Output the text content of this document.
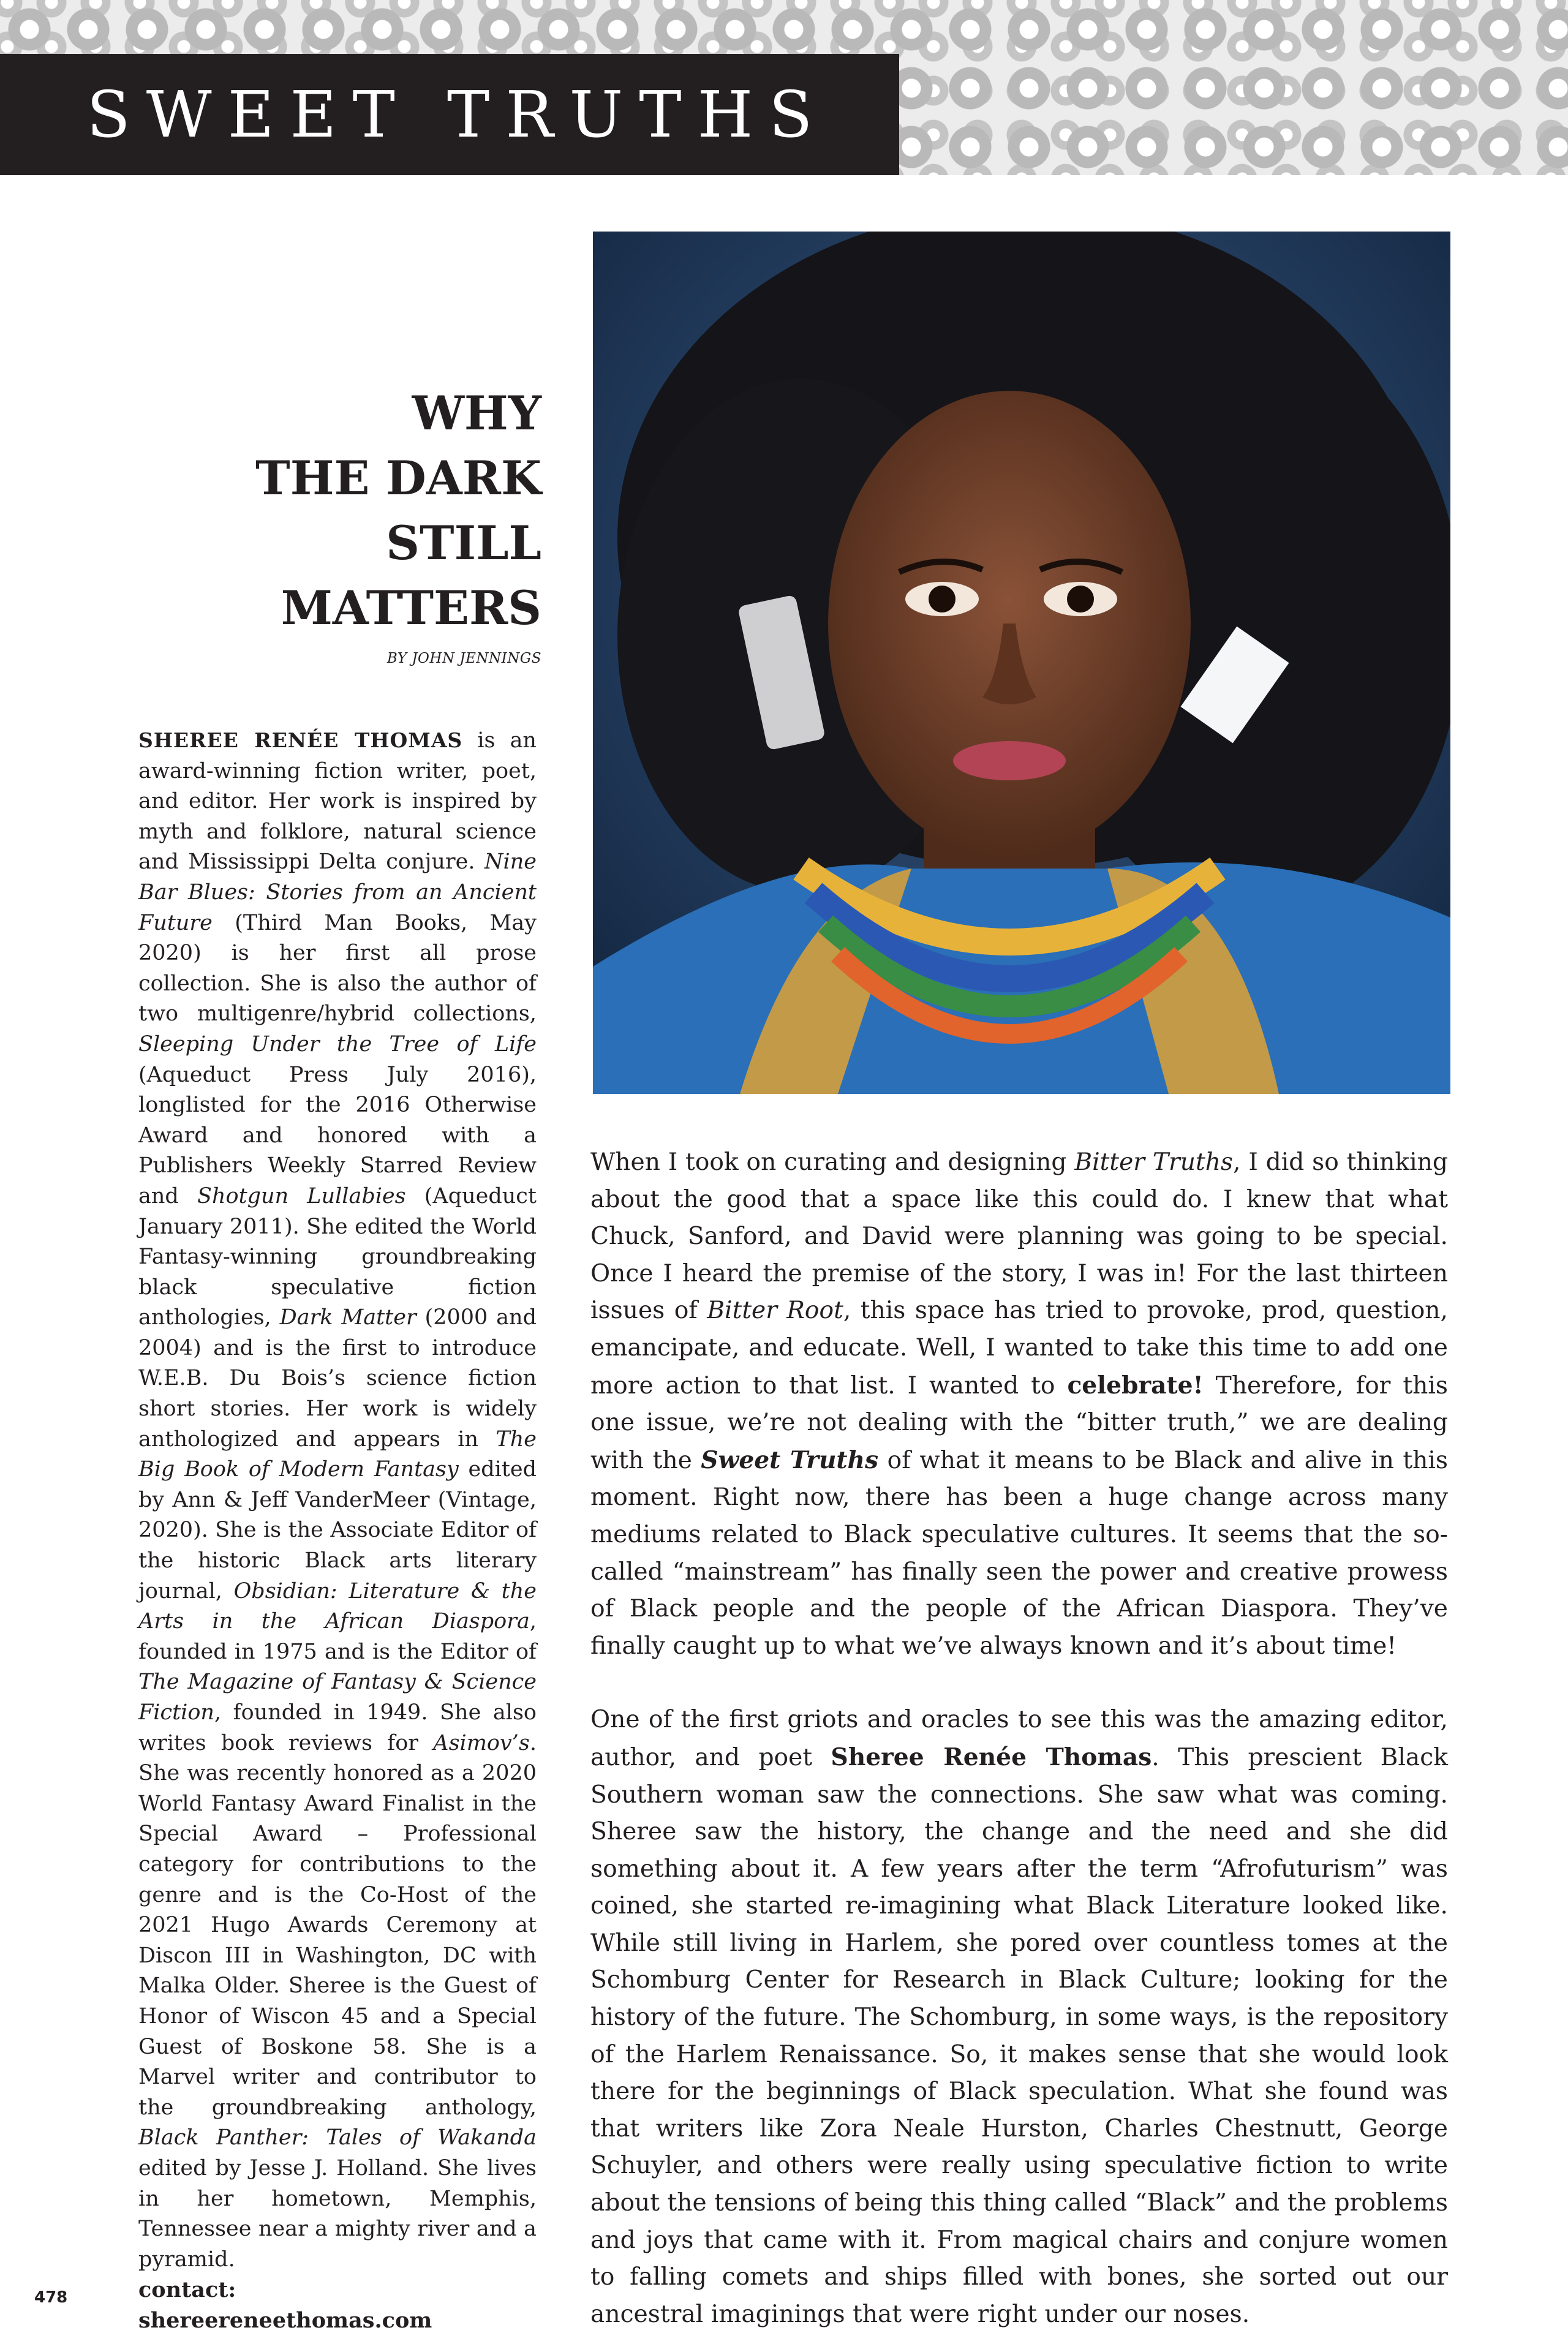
SWEET TRUTHS
WHY
THE DARK
STILL
MATTERS
BY JOHN JENNINGS
SHEREE RENÉE THOMAS is an award-winning fiction writer, poet, and editor. Her work is inspired by myth and folklore, natural science and Mississippi Delta conjure. Nine Bar Blues: Stories from an Ancient Future (Third Man Books, May 2020) is her first all prose collection. She is also the author of two multigenre/hybrid collections, Sleeping Under the Tree of Life (Aqueduct Press July 2016), longlisted for the 2016 Otherwise Award and honored with a Publishers Weekly Starred Review and Shotgun Lullabies (Aqueduct January 2011). She edited the World Fantasy-winning groundbreaking black speculative fiction anthologies, Dark Matter (2000 and 2004) and is the first to introduce W.E.B. Du Bois’s science fiction short stories. Her work is widely anthologized and appears in The Big Book of Modern Fantasy edited by Ann & Jeff VanderMeer (Vintage, 2020). She is the Associate Editor of the historic Black arts literary journal, Obsidian: Literature & the Arts in the African Diaspora, founded in 1975 and is the Editor of The Magazine of Fantasy & Science Fiction, founded in 1949. She also writes book reviews for Asimov’s. She was recently honored as a 2020 World Fantasy Award Finalist in the Special Award – Professional category for contributions to the genre and is the Co-Host of the 2021 Hugo Awards Ceremony at Discon III in Washington, DC with Malka Older. Sheree is the Guest of Honor of Wiscon 45 and a Special Guest of Boskone 58. She is a Marvel writer and contributor to the groundbreaking anthology, Black Panther: Tales of Wakanda edited by Jesse J. Holland. She lives in her hometown, Memphis, Tennessee near a mighty river and a pyramid.
contact: shereereneethomas.com

When I took on curating and designing Bitter Truths, I did so thinking about the good that a space like this could do. I knew that what Chuck, Sanford, and David were planning was going to be special. Once I heard the premise of the story, I was in! For the last thirteen issues of Bitter Root, this space has tried to provoke, prod, question, emancipate, and educate. Well, I wanted to take this time to add one more action to that list. I wanted to celebrate! Therefore, for this one issue, we’re not dealing with the “bitter truth,” we are dealing with the Sweet Truths of what it means to be Black and alive in this moment. Right now, there has been a huge change across many mediums related to Black speculative cultures. It seems that the so-called “mainstream” has finally seen the power and creative prowess of Black people and the people of the African Diaspora. They’ve finally caught up to what we’ve always known and it’s about time!

One of the first griots and oracles to see this was the amazing editor, author, and poet Sheree Renée Thomas. This prescient Black Southern woman saw the connections. She saw what was coming. Sheree saw the history, the change and the need and she did something about it. A few years after the term “Afrofuturism” was coined, she started re-imagining what Black Literature looked like. While still living in Harlem, she pored over countless tomes at the Schomburg Center for Research in Black Culture; looking for the history of the future. The Schomburg, in some ways, is the repository of the Harlem Renaissance. So, it makes sense that she would look there for the beginnings of Black speculation. What she found was that writers like Zora Neale Hurston, Charles Chestnutt, George Schuyler, and others were really using speculative fiction to write about the tensions of being this thing called “Black” and the problems and joys that came with it. From magical chairs and conjure women to falling comets and ships filled with bones, she sorted out our ancestral imaginings that were right under our noses.

478
